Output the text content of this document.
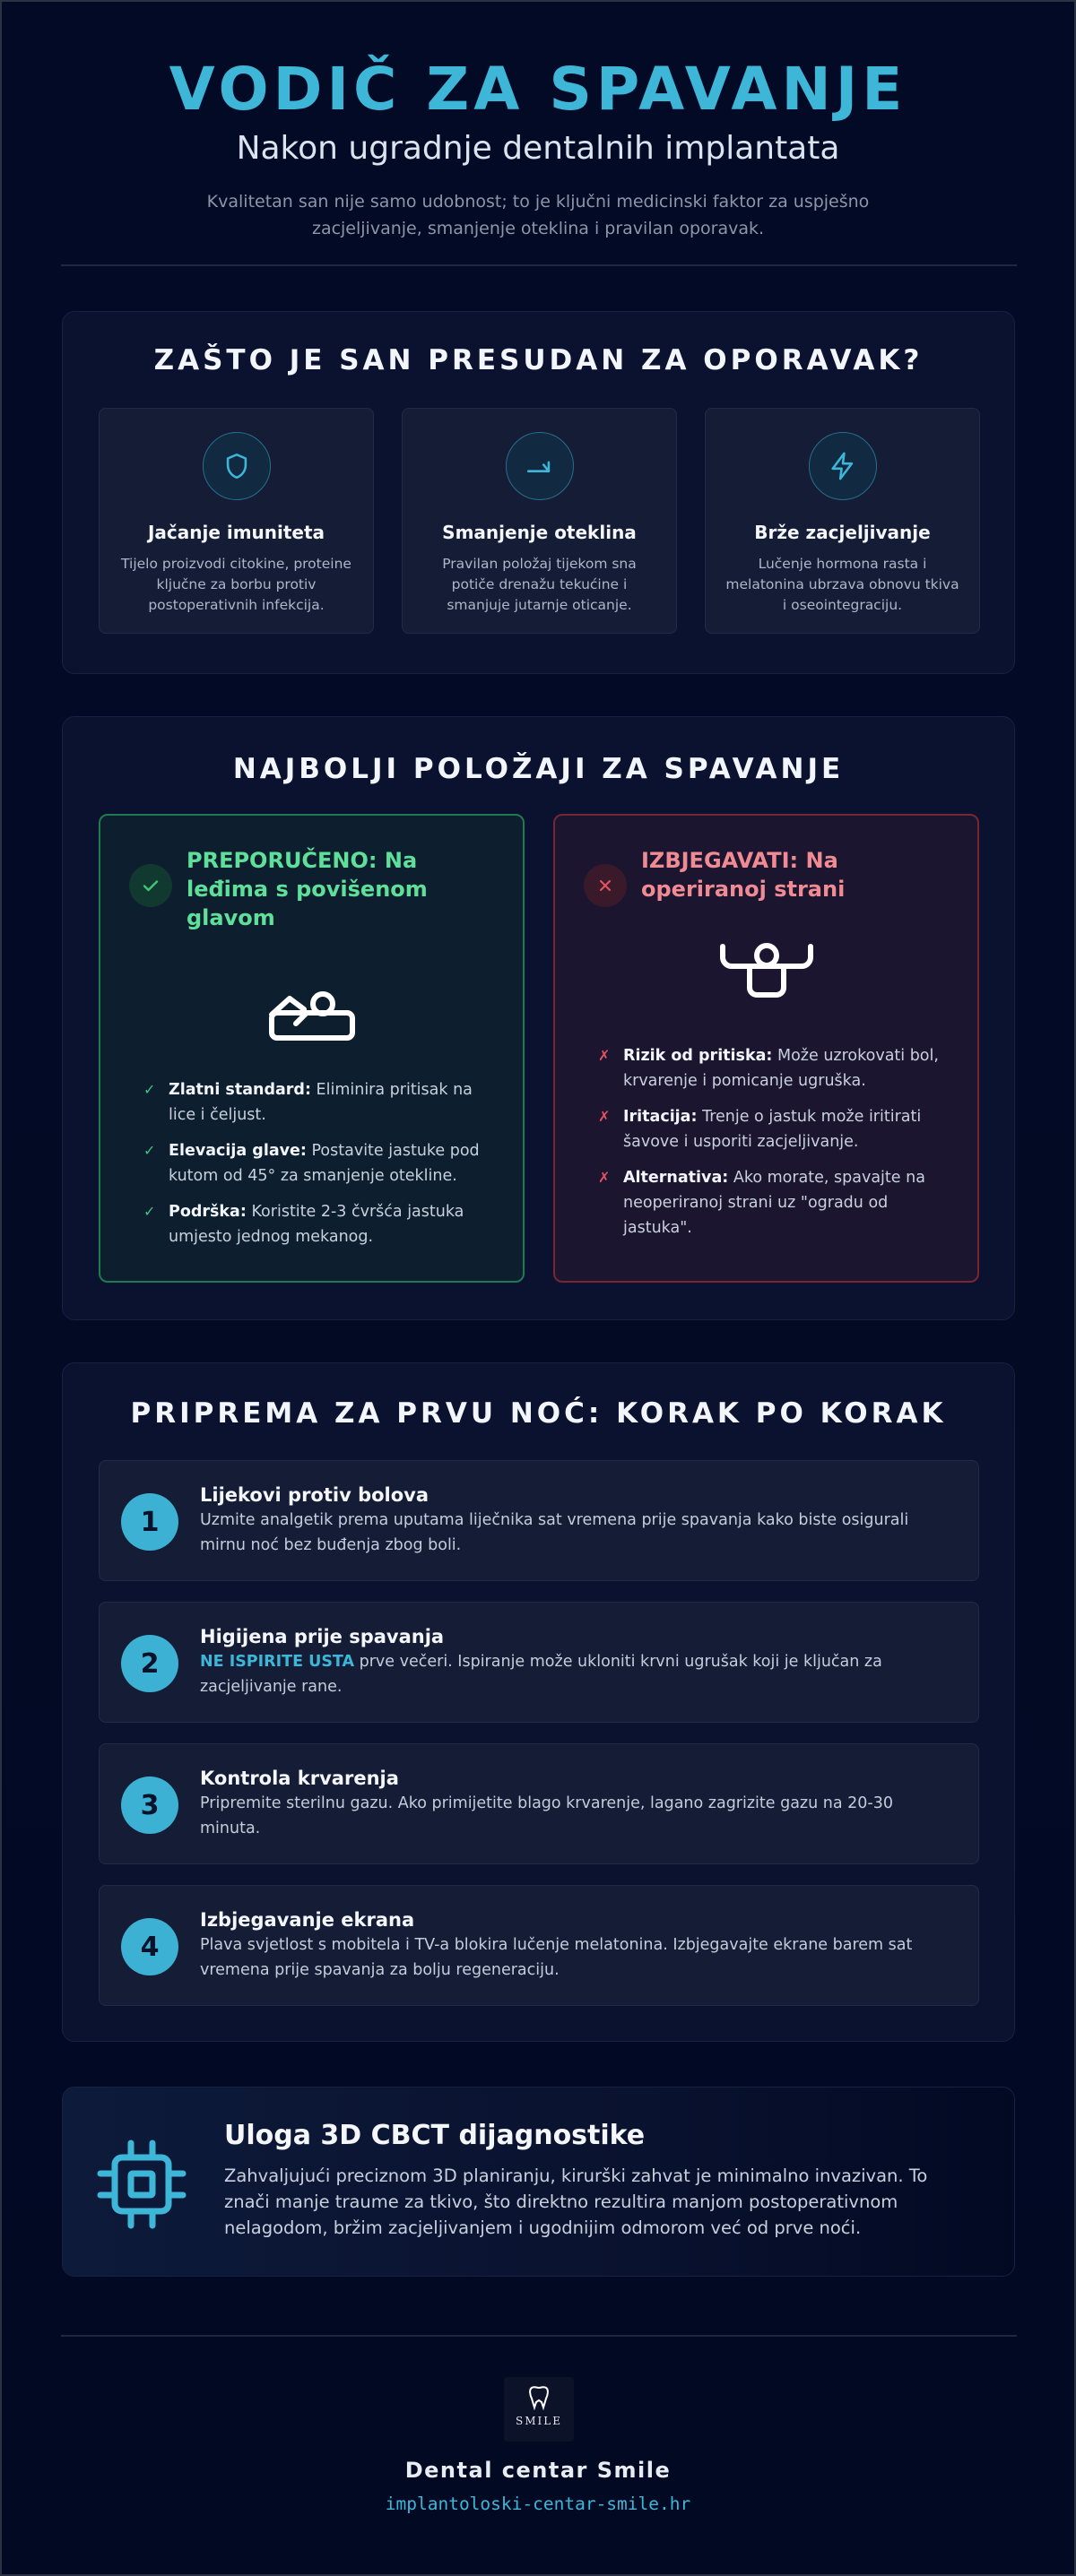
VODIČ ZA SPAVANJE
Nakon ugradnje dentalnih implantata
Kvalitetan san nije samo udobnost; to je ključni medicinski faktor za uspješno zacjeljivanje, smanjenje oteklina i pravilan oporavak.
ZAŠTO JE SAN PRESUDAN ZA OPORAVAK?
Jačanje imuniteta
Tijelo proizvodi citokine, proteine ključne za borbu protiv postoperativnih infekcija.
Smanjenje oteklina
Pravilan položaj tijekom sna potiče drenažu tekućine i smanjuje jutarnje oticanje.
Brže zacjeljivanje
Lučenje hormona rasta i melatonina ubrzava obnovu tkiva i oseointegraciju.
NAJBOLJI POLOŽAJI ZA SPAVANJE
PREPORUČENO: Na leđima s povišenom glavom
✓ Zlatni standard: Eliminira pritisak na lice i čeljust.
✓ Elevacija glave: Postavite jastuke pod kutom od 45° za smanjenje otekline.
✓ Podrška: Koristite 2-3 čvršća jastuka umjesto jednog mekanog.
IZBJEGAVATI: Na operiranoj strani
✗ Rizik od pritiska: Može uzrokovati bol, krvarenje i pomicanje ugruška.
✗ Iritacija: Trenje o jastuk može iritirati šavove i usporiti zacjeljivanje.
✗ Alternativa: Ako morate, spavajte na neoperiranoj strani uz "ogradu od jastuka".
PRIPREMA ZA PRVU NOĆ: KORAK PO KORAK
1
Lijekovi protiv bolova
Uzmite analgetik prema uputama liječnika sat vremena prije spavanja kako biste osigurali mirnu noć bez buđenja zbog boli.
2
Higijena prije spavanja
NE ISPIRITE USTA prve večeri. Ispiranje može ukloniti krvni ugrušak koji je ključan za zacjeljivanje rane.
3
Kontrola krvarenja
Pripremite sterilnu gazu. Ako primijetite blago krvarenje, lagano zagrizite gazu na 20-30 minuta.
4
Izbjegavanje ekrana
Plava svjetlost s mobitela i TV-a blokira lučenje melatonina. Izbjegavajte ekrane barem sat vremena prije spavanja za bolju regeneraciju.
Uloga 3D CBCT dijagnostike
Zahvaljujući preciznom 3D planiranju, kirurški zahvat je minimalno invazivan. To znači manje traume za tkivo, što direktno rezultira manjom postoperativnom nelagodom, bržim zacjeljivanjem i ugodnijim odmorom već od prve noći.
SMILE
Dental centar Smile
implantoloski-centar-smile.hr
